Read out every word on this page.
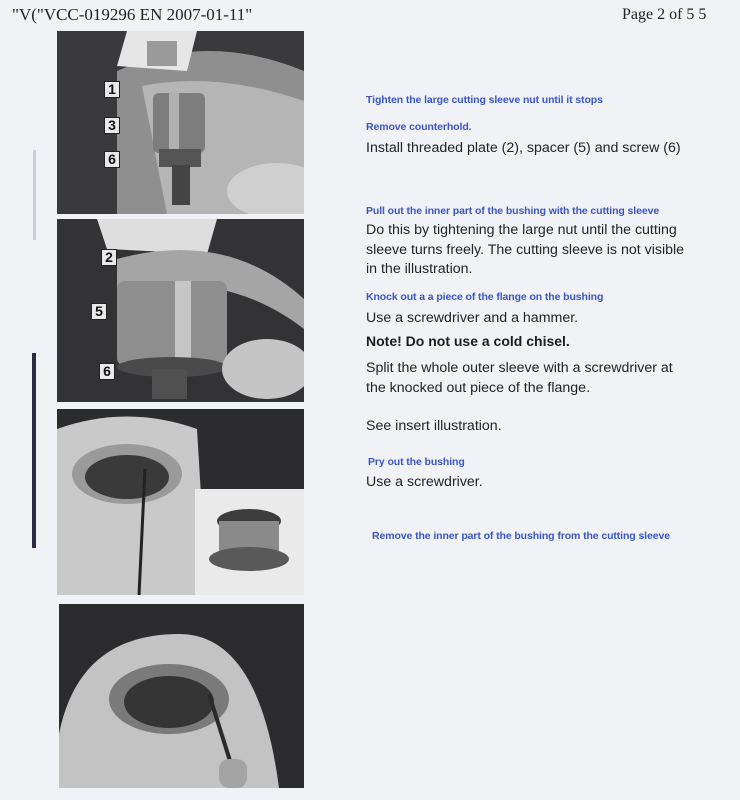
"V("VCC-019296 EN 2007-01-11"	Page 2 of 5 5
1
3
6
2
5
6
Tighten the large cutting sleeve nut until it stops
Remove counterhold.
Install threaded plate (2), spacer (5) and screw (6)
Pull out the inner part of the bushing with the cutting sleeve
Do this by tightening the large nut until the cutting sleeve turns freely. The cutting sleeve is not visible in the illustration.
Knock out a a piece of the flange on the bushing
Use a screwdriver and a hammer.
Note! Do not use a cold chisel.
Split the whole outer sleeve with a screwdriver at the knocked out piece of the flange.
See insert illustration.
Pry out the bushing
Use a screwdriver.
Remove the inner part of the bushing from the cutting sleeve
